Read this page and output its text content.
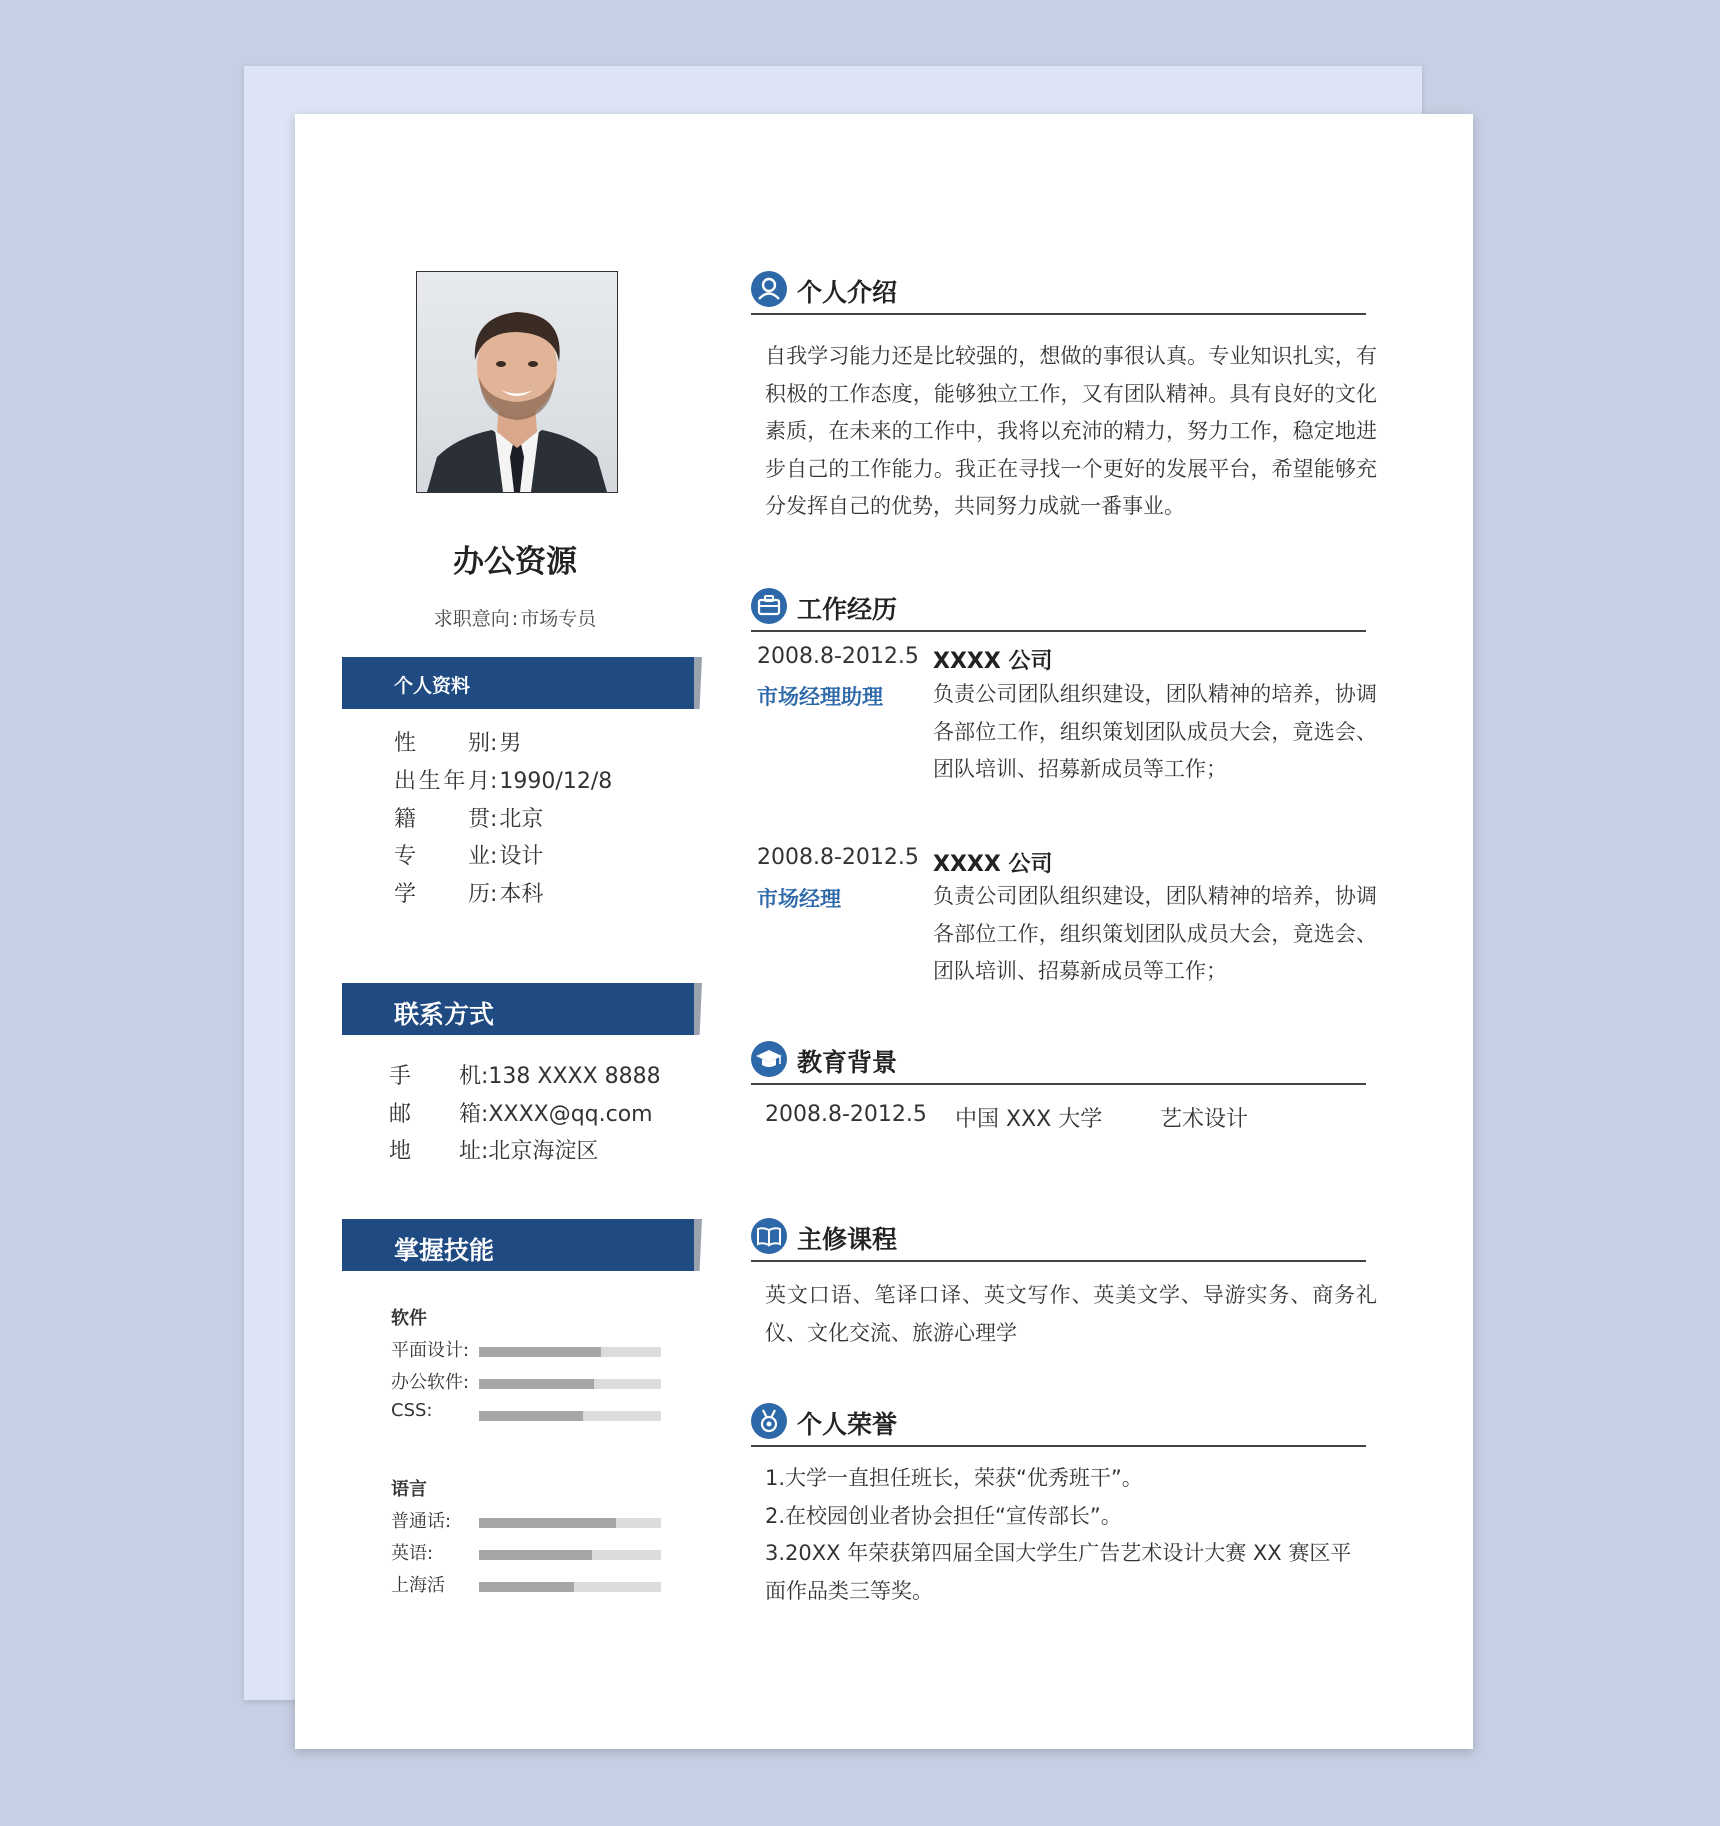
办公资源
求职意向 : 市场专员
个人资料
性别:男
出生年月:1990/12/8
籍贯:北京
专业:设计
学历:本科
联系方式
手机:138 XXXX 8888
邮箱:XXXX@qq.com
地址:北京海淀区
掌握技能
软件
平面设计:
办公软件:
CSS:
语言
普通话:
英语:
上海活
个人介绍
自我学习能力还是比较强的，想做的事很认真。专业知识扎实，有积极的工作态度，能够独立工作，又有团队精神。具有良好的文化素质，在未来的工作中，我将以充沛的精力，努力工作，稳定地进步自己的工作能力。我正在寻找一个更好的发展平台，希望能够充分发挥自己的优势，共同努力成就一番事业。
工作经历
2008.8-2012.5 XXXX 公司
市场经理助理 负责公司团队组织建设，团队精神的培养，协调各部位工作，组织策划团队成员大会，竟选会、团队培训、招募新成员等工作；
2008.8-2012.5 XXXX 公司
市场经理	负责公司团队组织建设，团队精神的培养，协调各部位工作，组织策划团队成员大会，竟选会、团队培训、招募新成员等工作；
教育背景
2008.8-2012.5 中国 XXX 大学	艺术设计
主修课程
英文口语、笔译口译、英文写作、英美文学、导游实务、商务礼仪、文化交流、旅游心理学
个人荣誉
1.大学一直担任班长，荣获“优秀班干”。
2.在校园创业者协会担任“宣传部长”。
3.20XX 年荣获第四届全国大学生广告艺术设计大赛 XX 赛区平面作品类三等奖。
